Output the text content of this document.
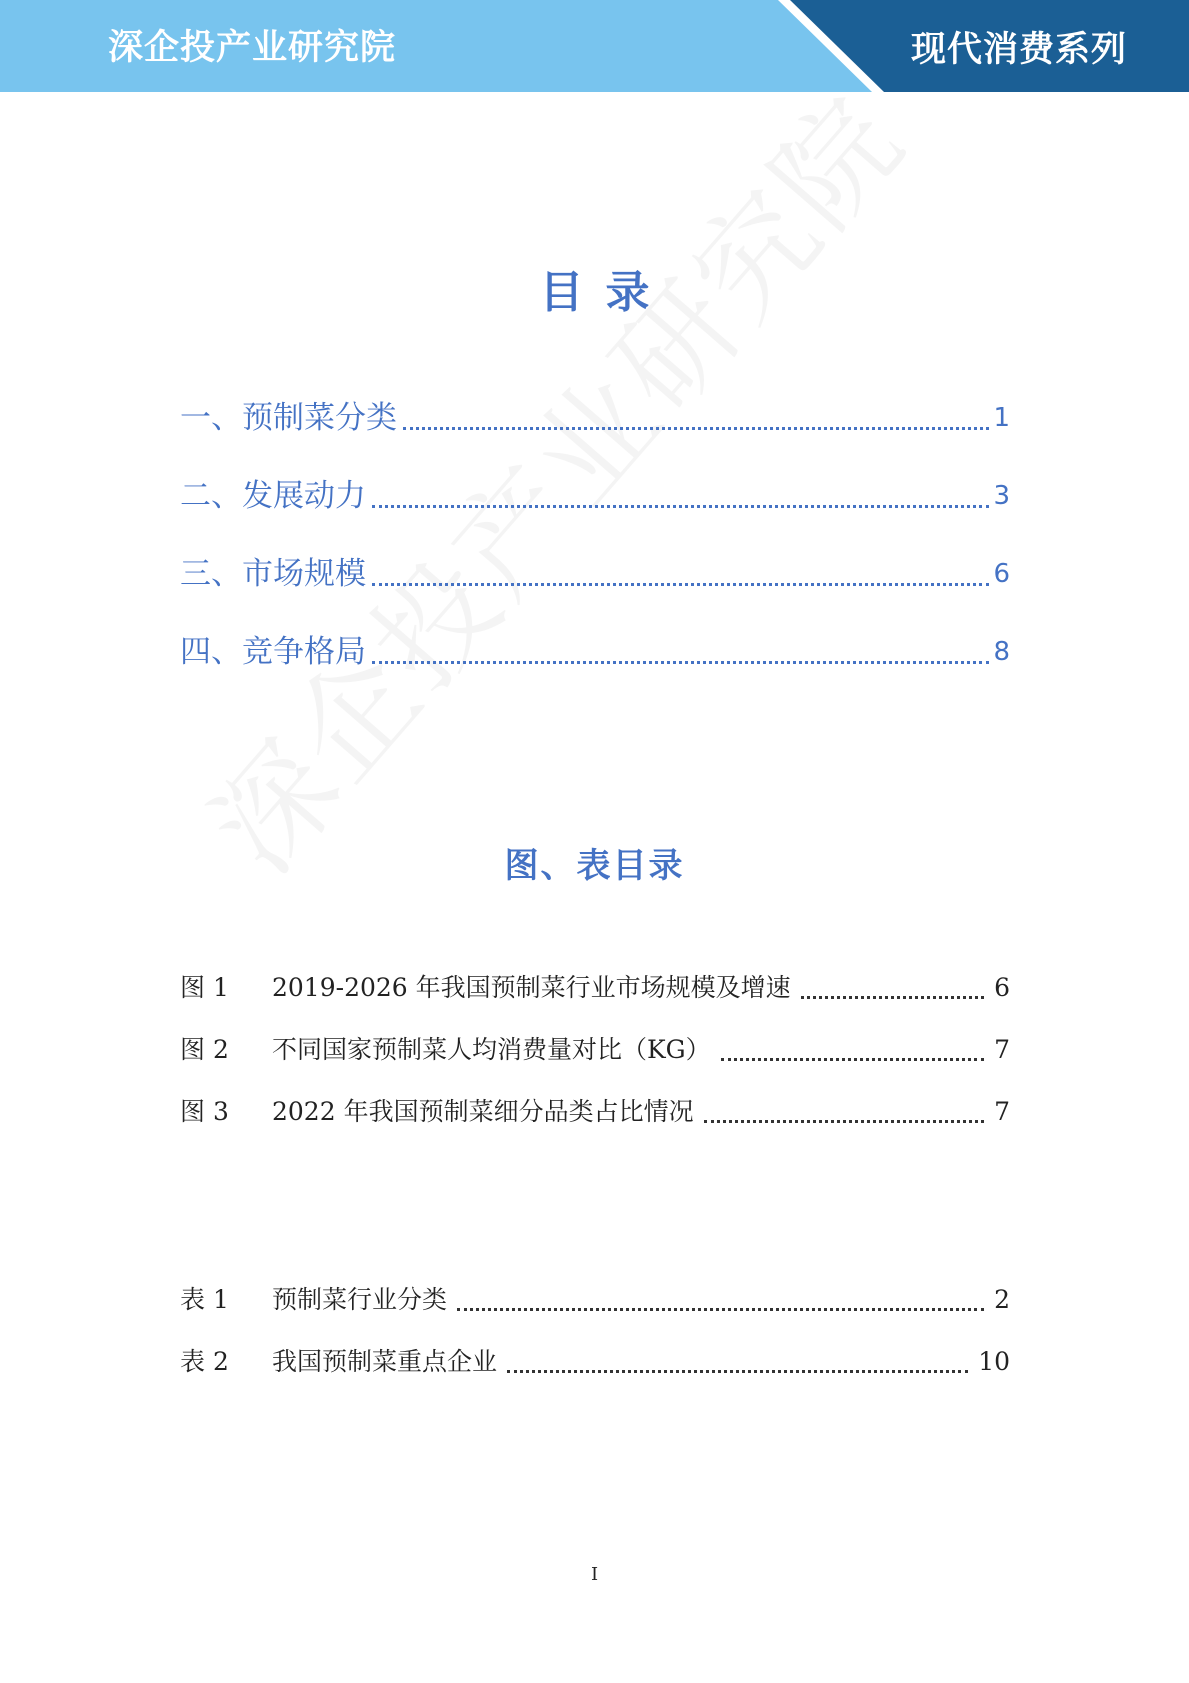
深企投产业研究院	现代消费系列
目录
一、预制菜分类	1
二、发展动力	3
三、市场规模	6
四、竞争格局	8
图、表目录
图 1	2019-2026 年我国预制菜行业市场规模及增速	6
图 2	不同国家预制菜人均消费量对比（KG）	7
图 3	2022 年我国预制菜细分品类占比情况	7
表 1	预制菜行业分类	2
表 2	我国预制菜重点企业	10
I
